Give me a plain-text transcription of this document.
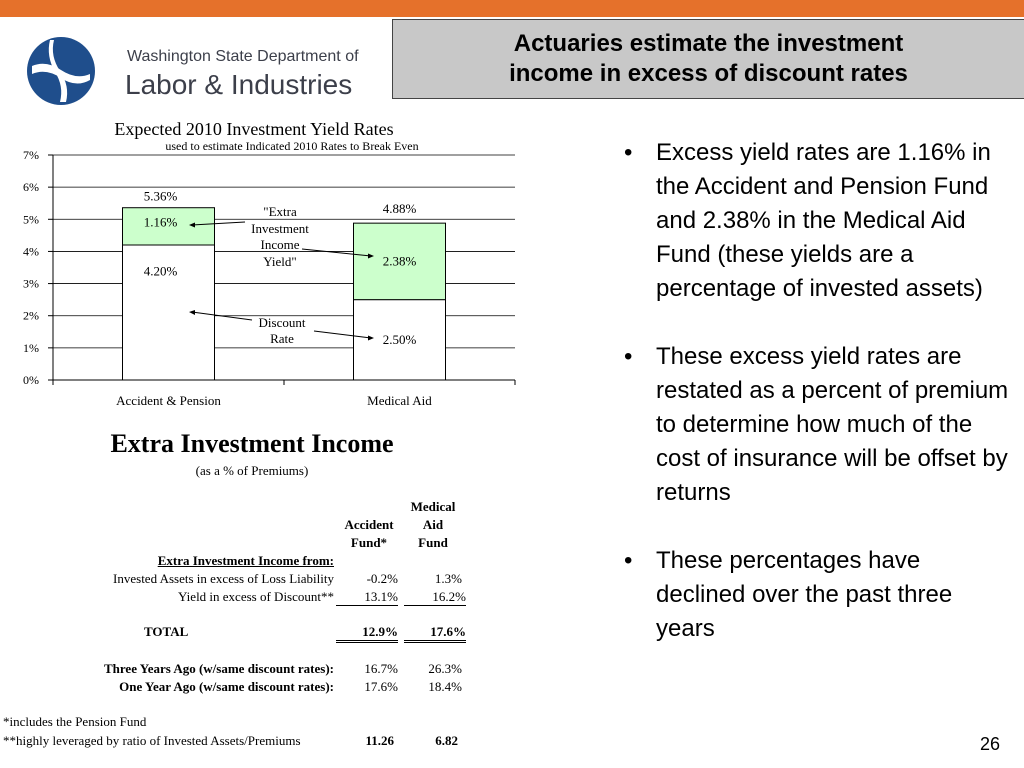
Washington State Department of
Labor & Industries
Actuaries estimate the investment
income in excess of discount rates
Expected 2010 Investment Yield Rates
used to estimate Indicated 2010 Rates to Break Even
0%
1%
2%
3%
4%
5%
6%
7%
4.20%
1.16%
5.36%
2.50%
2.38%
4.88%
Accident & Pension	Medical Aid
"Extra
Investment
Income
Yield"
Discount
Rate
Extra Investment Income
(as a % of Premiums)
Medical
Accident	Aid
Fund*	Fund
Extra Investment Income from:
Invested Assets in excess of Loss Liability	-0.2%	1.3%
Yield in excess of Discount**	13.1%	16.2%
TOTAL	12.9%	17.6%
Three Years Ago (w/same discount rates):	16.7%	26.3%
One Year Ago (w/same discount rates):	17.6%	18.4%
*includes the Pension Fund
**highly leveraged by ratio of Invested Assets/Premiums	11.26	6.82
• Excess yield rates are 1.16% in the Accident and Pension Fund and 2.38% in the Medical Aid Fund (these yields are a percentage of invested assets)
• These excess yield rates are restated as a percent of premium to determine how much of the cost of insurance will be offset by returns
• These percentages have declined over the past three years
26
